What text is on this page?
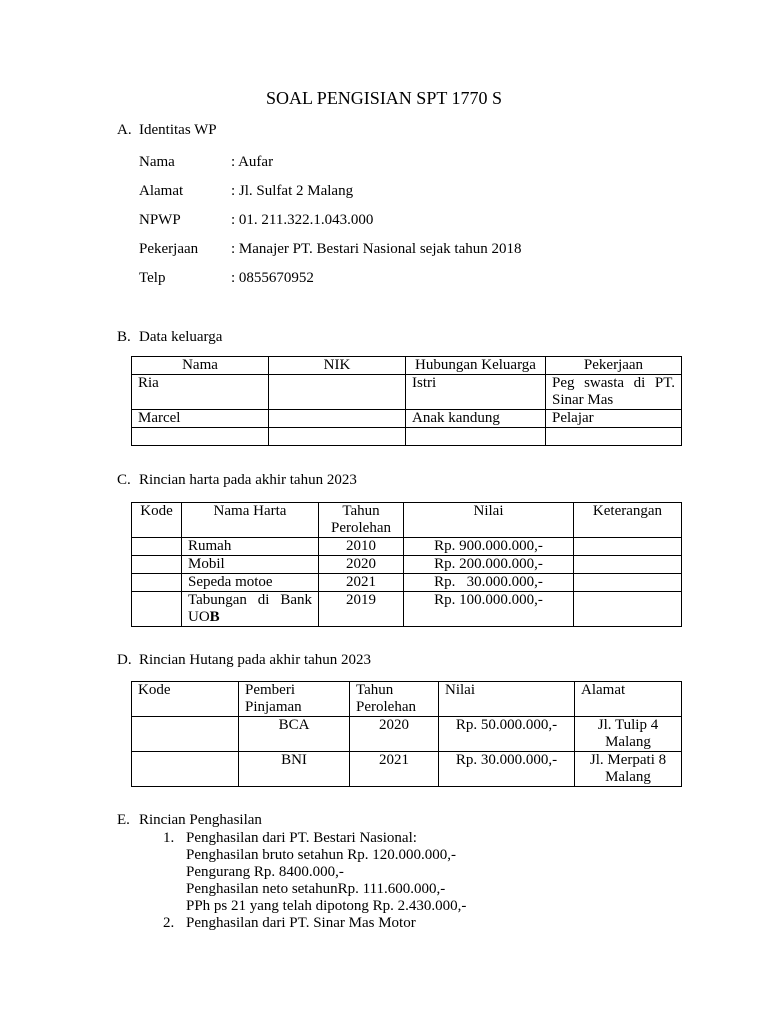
SOAL PENGISIAN SPT 1770 S
A. Identitas WP
Nama	: Aufar
Alamat	: Jl. Sulfat 2 Malang
NPWP	: 01. 211.322.1.043.000
Pekerjaan : Manajer PT. Bestari Nasional sejak tahun 2018
Telp	: 0855670952
B. Data keluarga
Nama	NIK	Hubungan Keluarga	Pekerjaan
Ria		Istri	Peg swasta di PT. Sinar Mas
Marcel		Anak kandung	Pelajar

C. Rincian harta pada akhir tahun 2023
Kode	Nama Harta	Tahun Perolehan	Nilai	Keterangan
	Rumah	2010	Rp. 900.000.000,-	
	Mobil	2020	Rp. 200.000.000,-	
	Sepeda motoe	2021	Rp.   30.000.000,-	
	Tabungan di Bank UOB	2019	Rp. 100.000.000,-	
D. Rincian Hutang pada akhir tahun 2023
Kode	Pemberi Pinjaman	Tahun Perolehan	Nilai	Alamat
	BCA	2020	Rp. 50.000.000,-	Jl. Tulip 4 Malang
	BNI	2021	Rp. 30.000.000,-	Jl. Merpati 8 Malang
E. Rincian Penghasilan
1. Penghasilan dari PT. Bestari Nasional:
Penghasilan bruto setahun Rp. 120.000.000,-
Pengurang Rp. 8400.000,-
Penghasilan neto setahunRp. 111.600.000,-
PPh ps 21 yang telah dipotong Rp. 2.430.000,-
2. Penghasilan dari PT. Sinar Mas Motor
